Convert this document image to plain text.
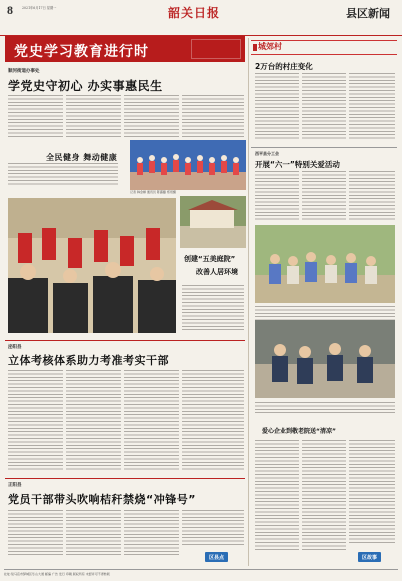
8	2021年6月17日 星期一	韶关日报	县区新闻
党史学习教育进行时
顺河街道办事处
学党史守初心 办实事惠民生
全民健身 舞动健康
记者 韩金娣 通讯员 陈露璐 郑贯摄
创建“五美庭院”
改善人居环境
泌阳县
立体考核体系助力考准考实干部
正阳县
党员干部带头吹响桔秆禁烧“冲锋号”
区县点	区故事
城郊村
2万台的村庄变化
西平县分工会
开展“六一”特别关爱活动
爱心企业到敬老院送“清凉”
社址:驻马店市驿城区乐山大道 邮编 广告 发行 印刷 版权所有 未经许可不得转载
